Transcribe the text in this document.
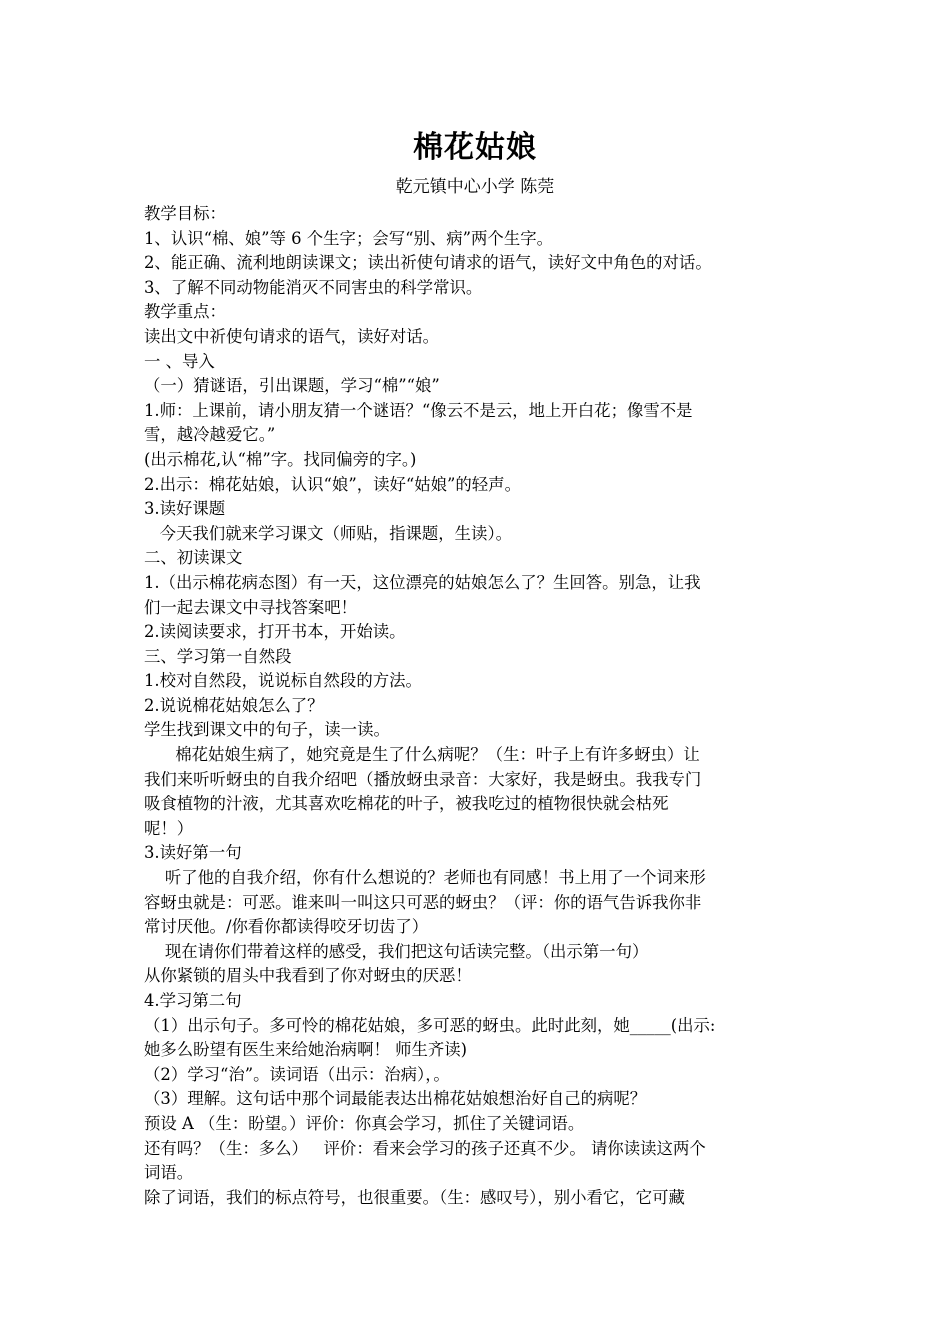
棉花姑娘
乾元镇中心小学 陈莞
教学目标：
1、认识“棉、娘”等 6 个生字；会写“别、病”两个生字。
2、能正确、流利地朗读课文；读出祈使句请求的语气，读好文中角色的对话。
3、了解不同动物能消灭不同害虫的科学常识。
教学重点：
读出文中祈使句请求的语气，读好对话。
一 、导入
（一）猜谜语，引出课题，学习“棉”“娘”
1.师：上课前，请小朋友猜一个谜语？“像云不是云，地上开白花；像雪不是
雪，越冷越爱它。”
(出示棉花,认“棉”字。找同偏旁的字。)
2.出示：棉花姑娘，认识“娘”，读好“姑娘”的轻声。
3.读好课题
今天我们就来学习课文（师贴，指课题，生读）。
二、初读课文
1.（出示棉花病态图）有一天，这位漂亮的姑娘怎么了？生回答。别急，让我
们一起去课文中寻找答案吧！
2.读阅读要求，打开书本，开始读。
三、学习第一自然段
1.校对自然段，说说标自然段的方法。
2.说说棉花姑娘怎么了？
学生找到课文中的句子，读一读。
棉花姑娘生病了，她究竟是生了什么病呢？（生：叶子上有许多蚜虫）让
我们来听听蚜虫的自我介绍吧（播放蚜虫录音：大家好，我是蚜虫。我我专门
吸食植物的汁液，尤其喜欢吃棉花的叶子，被我吃过的植物很快就会枯死
呢！）
3.读好第一句
听了他的自我介绍，你有什么想说的？老师也有同感！书上用了一个词来形
容蚜虫就是：可恶。谁来叫一叫这只可恶的蚜虫？（评：你的语气告诉我你非
常讨厌他。/你看你都读得咬牙切齿了）
现在请你们带着这样的感受，我们把这句话读完整。（出示第一句）
从你紧锁的眉头中我看到了你对蚜虫的厌恶！
4.学习第二句
（1）出示句子。多可怜的棉花姑娘，多可恶的蚜虫。此时此刻，她_____(出示:
她多么盼望有医生来给她治病啊！ 师生齐读)
（2）学习“治”。读词语（出示：治病），。
（3）理解。这句话中那个词最能表达出棉花姑娘想治好自己的病呢？
预设 A （生：盼望。）评价：你真会学习，抓住了关键词语。
还有吗？（生：多么）   评价：看来会学习的孩子还真不少。 请你读读这两个
词语。
除了词语，我们的标点符号，也很重要。（生：感叹号），别小看它，它可藏
